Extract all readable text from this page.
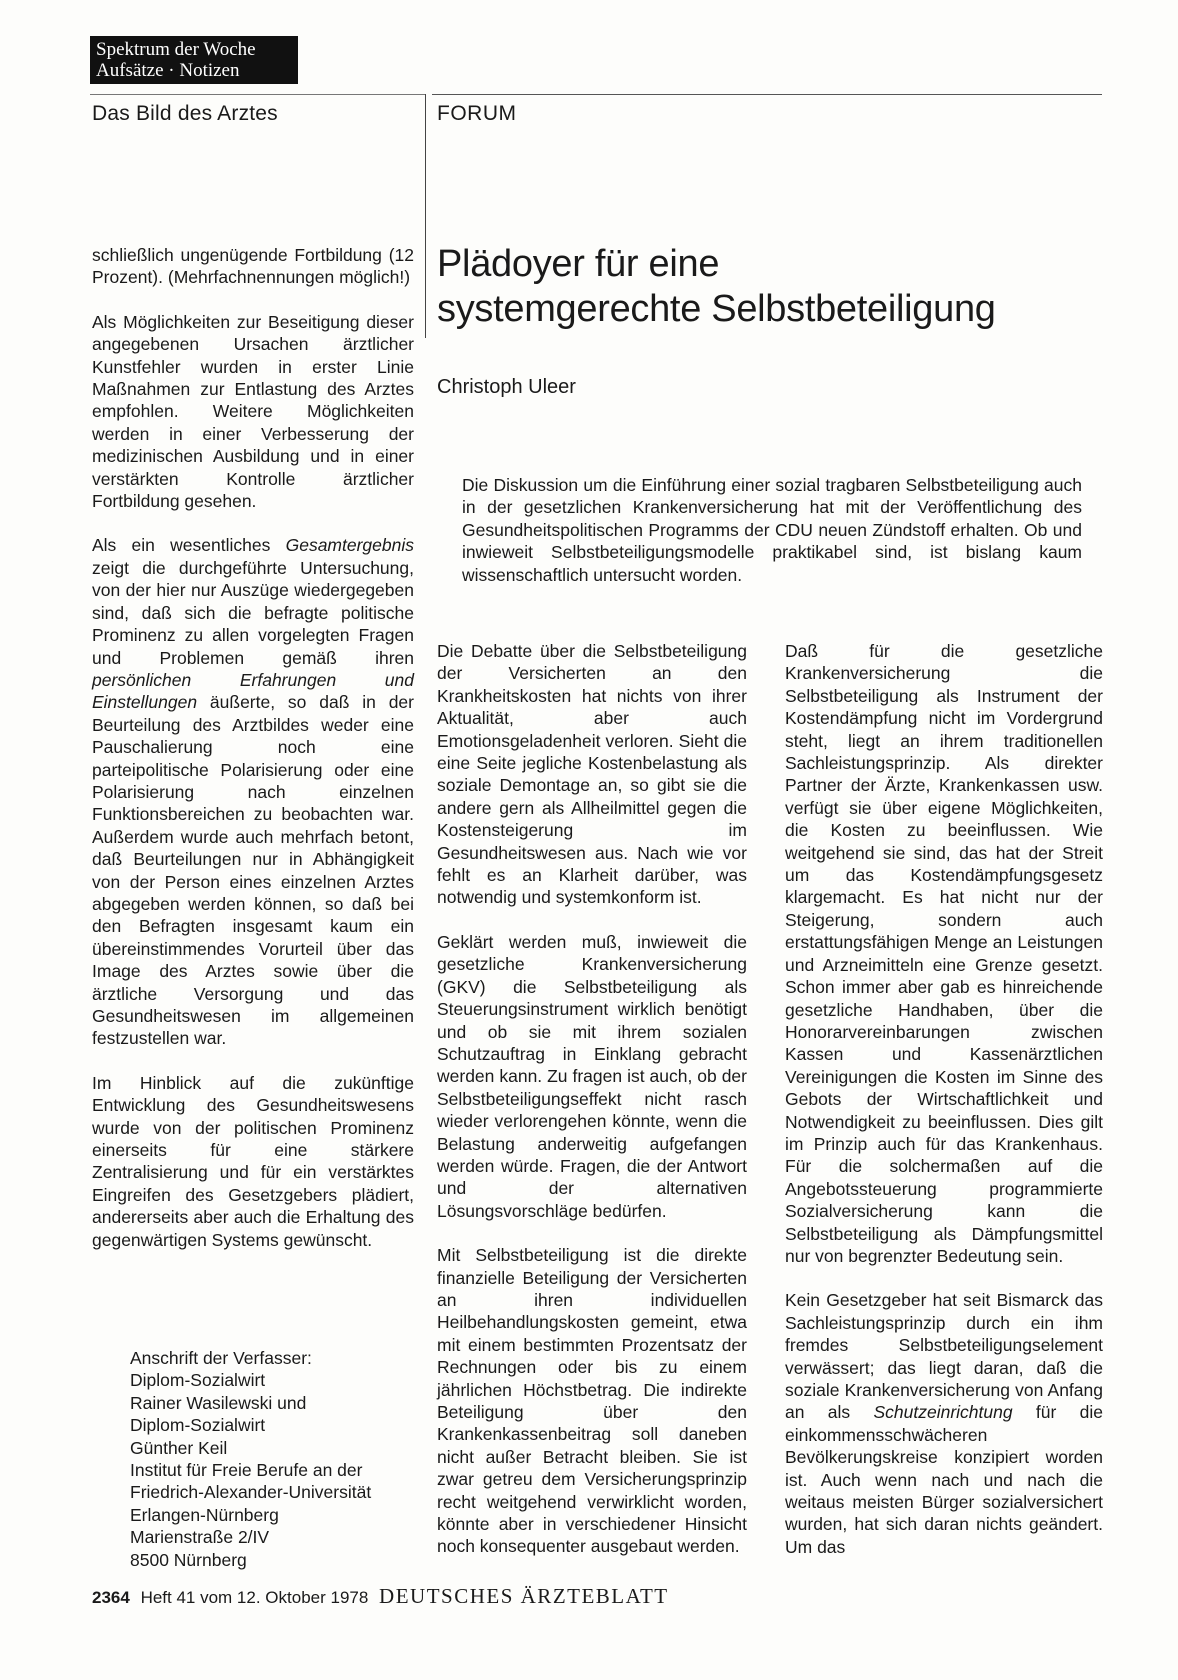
Spektrum der Woche
Aufsätze · Notizen
Das Bild des Arztes	FORUM
Plädoyer für eine
systemgerechte Selbstbeteiligung
Christoph Uleer
Die Diskussion um die Einführung einer sozial tragbaren Selbstbeteiligung auch in der gesetzlichen Krankenversicherung hat mit der Veröffentlichung des Gesundheitspolitischen Programms der CDU neuen Zündstoff erhalten. Ob und inwieweit Selbstbeteiligungsmodelle praktikabel sind, ist bislang kaum wissenschaftlich untersucht worden.

schließlich ungenügende Fortbildung (12 Prozent). (Mehrfachnennungen möglich!)

Als Möglichkeiten zur Beseitigung dieser angegebenen Ursachen ärztlicher Kunstfehler wurden in erster Linie Maßnahmen zur Entlastung des Arztes empfohlen. Weitere Möglichkeiten werden in einer Verbesserung der medizinischen Ausbildung und in einer verstärkten Kontrolle ärztlicher Fortbildung gesehen.

Als ein wesentliches Gesamtergebnis zeigt die durchgeführte Untersuchung, von der hier nur Auszüge wiedergegeben sind, daß sich die befragte politische Prominenz zu allen vorgelegten Fragen und Problemen gemäß ihren persönlichen Erfahrungen und Einstellungen äußerte, so daß in der Beurteilung des Arztbildes weder eine Pauschalierung noch eine parteipolitische Polarisierung oder eine Polarisierung nach einzelnen Funktionsbereichen zu beobachten war. Außerdem wurde auch mehrfach betont, daß Beurteilungen nur in Abhängigkeit von der Person eines einzelnen Arztes abgegeben werden können, so daß bei den Befragten insgesamt kaum ein übereinstimmendes Vorurteil über das Image des Arztes sowie über die ärztliche Versorgung und das Gesundheitswesen im allgemeinen festzustellen war.

Im Hinblick auf die zukünftige Entwicklung des Gesundheitswesens wurde von der politischen Prominenz einerseits für eine stärkere Zentralisierung und für ein verstärktes Eingreifen des Gesetzgebers plädiert, andererseits aber auch die Erhaltung des gegenwärtigen Systems gewünscht.

Anschrift der Verfasser:
Diplom-Sozialwirt
Rainer Wasilewski und
Diplom-Sozialwirt
Günther Keil
Institut für Freie Berufe an der
Friedrich-Alexander-Universität
Erlangen-Nürnberg
Marienstraße 2/IV
8500 Nürnberg

Die Debatte über die Selbstbeteiligung der Versicherten an den Krankheitskosten hat nichts von ihrer Aktualität, aber auch Emotionsgeladenheit verloren. Sieht die eine Seite jegliche Kostenbelastung als soziale Demontage an, so gibt sie die andere gern als Allheilmittel gegen die Kostensteigerung im Gesundheitswesen aus. Nach wie vor fehlt es an Klarheit darüber, was notwendig und systemkonform ist.

Geklärt werden muß, inwieweit die gesetzliche Krankenversicherung (GKV) die Selbstbeteiligung als Steuerungsinstrument wirklich benötigt und ob sie mit ihrem sozialen Schutzauftrag in Einklang gebracht werden kann. Zu fragen ist auch, ob der Selbstbeteiligungseffekt nicht rasch wieder verlorengehen könnte, wenn die Belastung anderweitig aufgefangen werden würde. Fragen, die der Antwort und der alternativen Lösungsvorschläge bedürfen.

Mit Selbstbeteiligung ist die direkte finanzielle Beteiligung der Versicherten an ihren individuellen Heilbehandlungskosten gemeint, etwa mit einem bestimmten Prozentsatz der Rechnungen oder bis zu einem jährlichen Höchstbetrag. Die indirekte Beteiligung über den Krankenkassenbeitrag soll daneben nicht außer Betracht bleiben. Sie ist zwar getreu dem Versicherungsprinzip recht weitgehend verwirklicht worden, könnte aber in verschiedener Hinsicht noch konsequenter ausgebaut werden.

Daß für die gesetzliche Krankenversicherung die Selbstbeteiligung als Instrument der Kostendämpfung nicht im Vordergrund steht, liegt an ihrem traditionellen Sachleistungsprinzip. Als direkter Partner der Ärzte, Krankenkassen usw. verfügt sie über eigene Möglichkeiten, die Kosten zu beeinflussen. Wie weitgehend sie sind, das hat der Streit um das Kostendämpfungsgesetz klargemacht. Es hat nicht nur der Steigerung, sondern auch erstattungsfähigen Menge an Leistungen und Arzneimitteln eine Grenze gesetzt. Schon immer aber gab es hinreichende gesetzliche Handhaben, über die Honorarvereinbarungen zwischen Kassen und Kassenärztlichen Vereinigungen die Kosten im Sinne des Gebots der Wirtschaftlichkeit und Notwendigkeit zu beeinflussen. Dies gilt im Prinzip auch für das Krankenhaus. Für die solchermaßen auf die Angebotssteuerung programmierte Sozialversicherung kann die Selbstbeteiligung als Dämpfungsmittel nur von begrenzter Bedeutung sein.

Kein Gesetzgeber hat seit Bismarck das Sachleistungsprinzip durch ein ihm fremdes Selbstbeteiligungselement verwässert; das liegt daran, daß die soziale Krankenversicherung von Anfang an als Schutzeinrichtung für die einkommensschwächeren Bevölkerungskreise konzipiert worden ist. Auch wenn nach und nach die weitaus meisten Bürger sozialversichert wurden, hat sich daran nichts geändert. Um das

2364 Heft 41 vom 12. Oktober 1978 DEUTSCHES ÄRZTEBLATT
